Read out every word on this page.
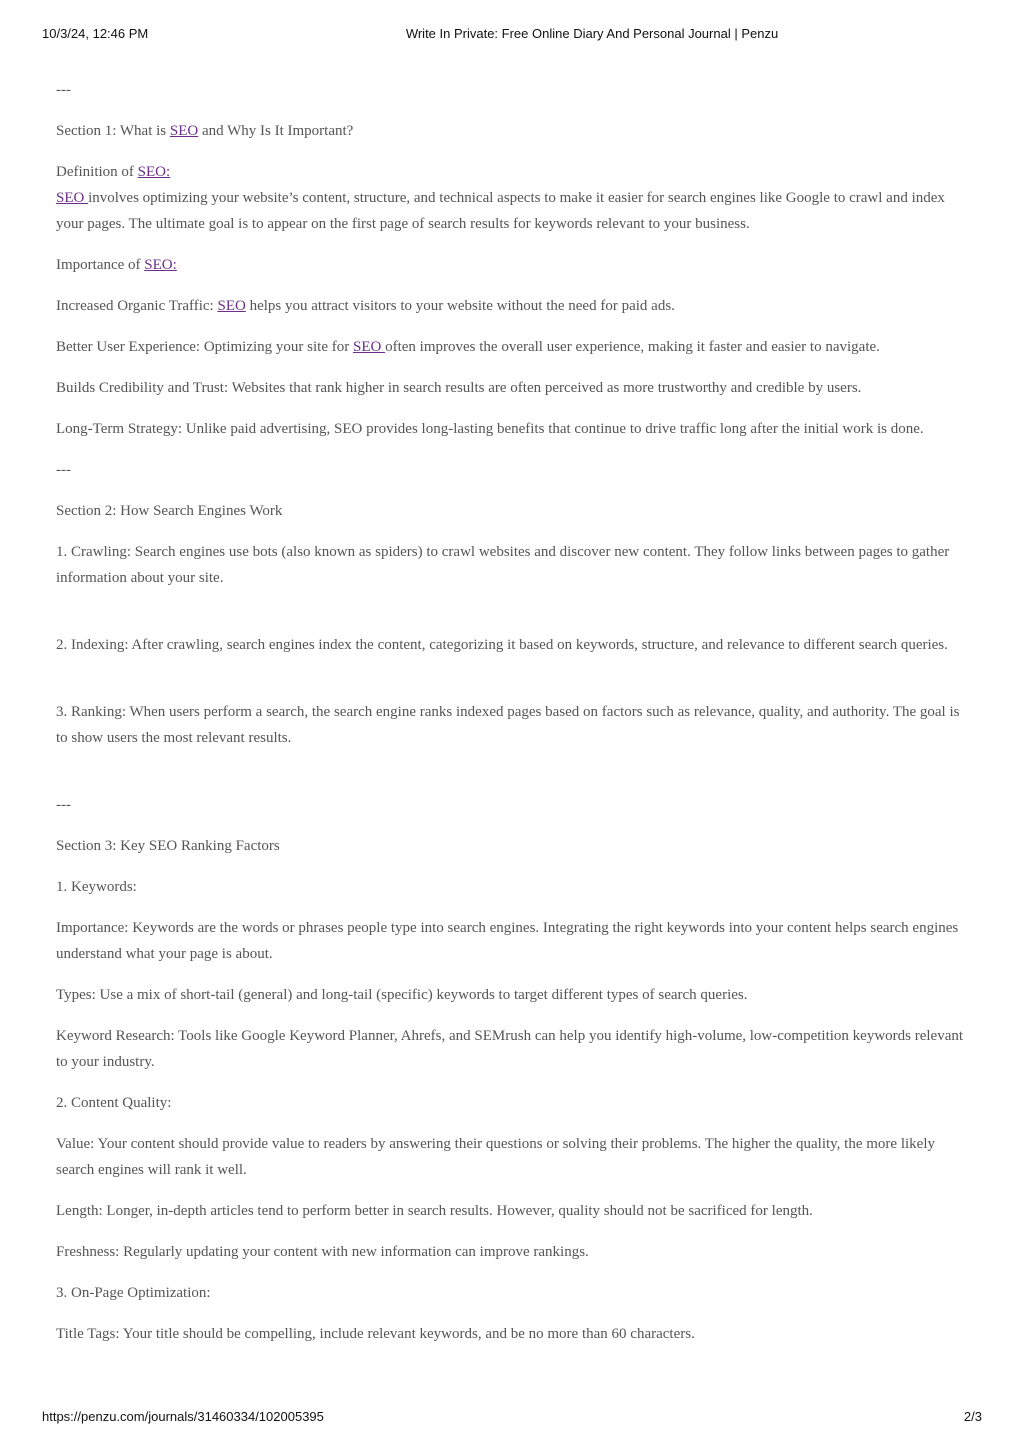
10/3/24, 12:46 PM	Write In Private: Free Online Diary And Personal Journal | Penzu

---

Section 1: What is SEO and Why Is It Important?

Definition of SEO:
SEO involves optimizing your website’s content, structure, and technical aspects to make it easier for search engines like Google to crawl and index your pages. The ultimate goal is to appear on the first page of search results for keywords relevant to your business.

Importance of SEO:

Increased Organic Traffic: SEO helps you attract visitors to your website without the need for paid ads.

Better User Experience: Optimizing your site for SEO often improves the overall user experience, making it faster and easier to navigate.

Builds Credibility and Trust: Websites that rank higher in search results are often perceived as more trustworthy and credible by users.

Long-Term Strategy: Unlike paid advertising, SEO provides long-lasting benefits that continue to drive traffic long after the initial work is done.

---

Section 2: How Search Engines Work

1. Crawling: Search engines use bots (also known as spiders) to crawl websites and discover new content. They follow links between pages to gather information about your site.

2. Indexing: After crawling, search engines index the content, categorizing it based on keywords, structure, and relevance to different search queries.

3. Ranking: When users perform a search, the search engine ranks indexed pages based on factors such as relevance, quality, and authority. The goal is to show users the most relevant results.

---

Section 3: Key SEO Ranking Factors

1. Keywords:

Importance: Keywords are the words or phrases people type into search engines. Integrating the right keywords into your content helps search engines understand what your page is about.

Types: Use a mix of short-tail (general) and long-tail (specific) keywords to target different types of search queries.

Keyword Research: Tools like Google Keyword Planner, Ahrefs, and SEMrush can help you identify high-volume, low-competition keywords relevant to your industry.

2. Content Quality:

Value: Your content should provide value to readers by answering their questions or solving their problems. The higher the quality, the more likely search engines will rank it well.

Length: Longer, in-depth articles tend to perform better in search results. However, quality should not be sacrificed for length.

Freshness: Regularly updating your content with new information can improve rankings.

3. On-Page Optimization:

Title Tags: Your title should be compelling, include relevant keywords, and be no more than 60 characters.

https://penzu.com/journals/31460334/102005395	2/3
